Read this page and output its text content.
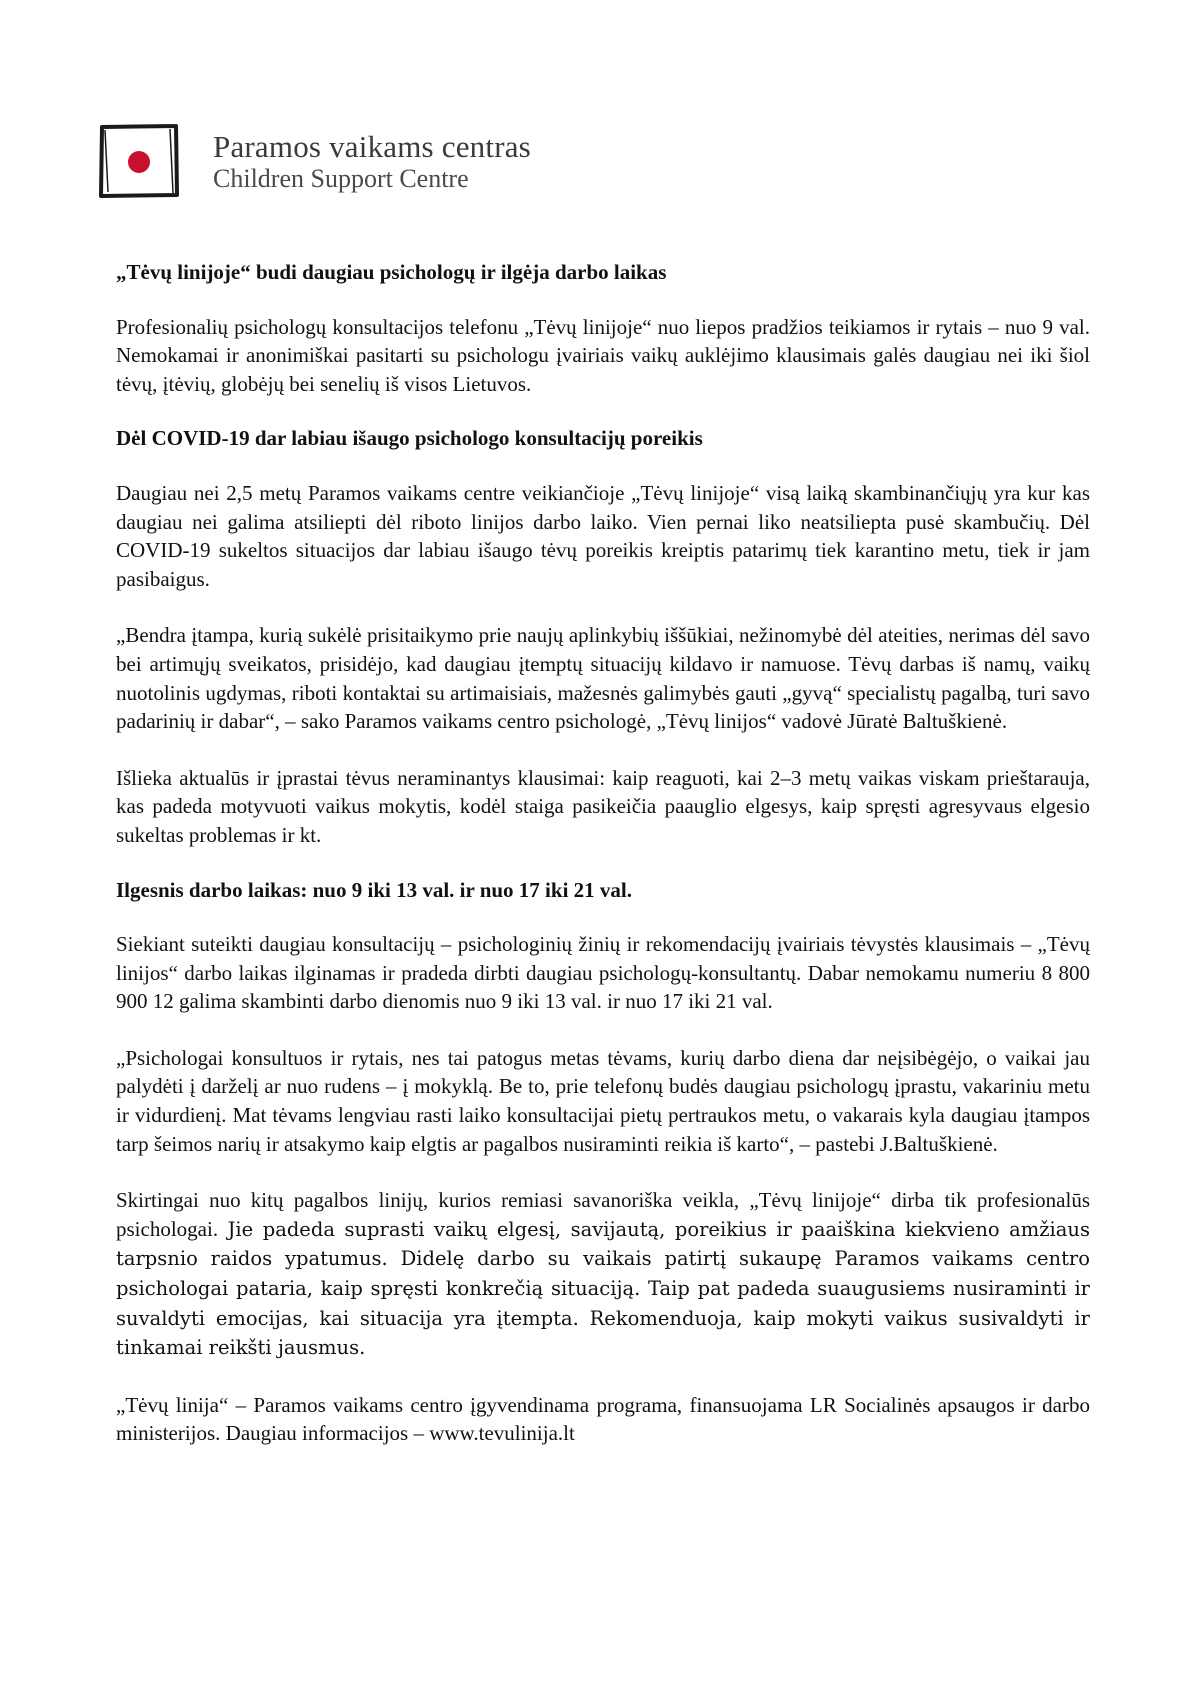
Paramos vaikams centras
Children Support Centre

„Tėvų linijoje“ budi daugiau psichologų ir ilgėja darbo laikas

Profesionalių psichologų konsultacijos telefonu „Tėvų linijoje“ nuo liepos pradžios teikiamos ir rytais – nuo 9 val. Nemokamai ir anonimiškai pasitarti su psichologu įvairiais vaikų auklėjimo klausimais galės daugiau nei iki šiol tėvų, įtėvių, globėjų bei senelių iš visos Lietuvos.

Dėl COVID-19 dar labiau išaugo psichologo konsultacijų poreikis

Daugiau nei 2,5 metų Paramos vaikams centre veikiančioje „Tėvų linijoje“ visą laiką skambinančiųjų yra kur kas daugiau nei galima atsiliepti dėl riboto linijos darbo laiko. Vien pernai liko neatsiliepta pusė skambučių. Dėl COVID-19 sukeltos situacijos dar labiau išaugo tėvų poreikis kreiptis patarimų tiek karantino metu, tiek ir jam pasibaigus.

„Bendra įtampa, kurią sukėlė prisitaikymo prie naujų aplinkybių iššūkiai, nežinomybė dėl ateities, nerimas dėl savo bei artimųjų sveikatos, prisidėjo, kad daugiau įtemptų situacijų kildavo ir namuose. Tėvų darbas iš namų, vaikų nuotolinis ugdymas, riboti kontaktai su artimaisiais, mažesnės galimybės gauti „gyvą“ specialistų pagalbą, turi savo padarinių ir dabar“, – sako Paramos vaikams centro psichologė, „Tėvų linijos“ vadovė Jūratė Baltuškienė.

Išlieka aktualūs ir įprastai tėvus neraminantys klausimai: kaip reaguoti, kai 2–3 metų vaikas viskam prieštarauja, kas padeda motyvuoti vaikus mokytis, kodėl staiga pasikeičia paauglio elgesys, kaip spręsti agresyvaus elgesio sukeltas problemas ir kt.

Ilgesnis darbo laikas: nuo 9 iki 13 val. ir nuo 17 iki 21 val.

Siekiant suteikti daugiau konsultacijų – psichologinių žinių ir rekomendacijų įvairiais tėvystės klausimais – „Tėvų linijos“ darbo laikas ilginamas ir pradeda dirbti daugiau psichologų-konsultantų. Dabar nemokamu numeriu 8 800 900 12 galima skambinti darbo dienomis nuo 9 iki 13 val. ir nuo 17 iki 21 val.

„Psichologai konsultuos ir rytais, nes tai patogus metas tėvams, kurių darbo diena dar neįsibėgėjo, o vaikai jau palydėti į darželį ar nuo rudens – į mokyklą. Be to, prie telefonų budės daugiau psichologų įprastu, vakariniu metu ir vidurdienį. Mat tėvams lengviau rasti laiko konsultacijai pietų pertraukos metu, o vakarais kyla daugiau įtampos tarp šeimos narių ir atsakymo kaip elgtis ar pagalbos nusiraminti reikia iš karto“, – pastebi J.Baltuškienė.

Skirtingai nuo kitų pagalbos linijų, kurios remiasi savanoriška veikla, „Tėvų linijoje“ dirba tik profesionalūs psichologai. Jie padeda suprasti vaikų elgesį, savijautą, poreikius ir paaiškina kiekvieno amžiaus tarpsnio raidos ypatumus. Didelę darbo su vaikais patirtį sukaupę Paramos vaikams centro psichologai pataria, kaip spręsti konkrečią situaciją. Taip pat padeda suaugusiems nusiraminti ir suvaldyti emocijas, kai situacija yra įtempta. Rekomenduoja, kaip mokyti vaikus susivaldyti ir tinkamai reikšti jausmus.

„Tėvų linija“ – Paramos vaikams centro įgyvendinama programa, finansuojama LR Socialinės apsaugos ir darbo ministerijos. Daugiau informacijos – www.tevulinija.lt
